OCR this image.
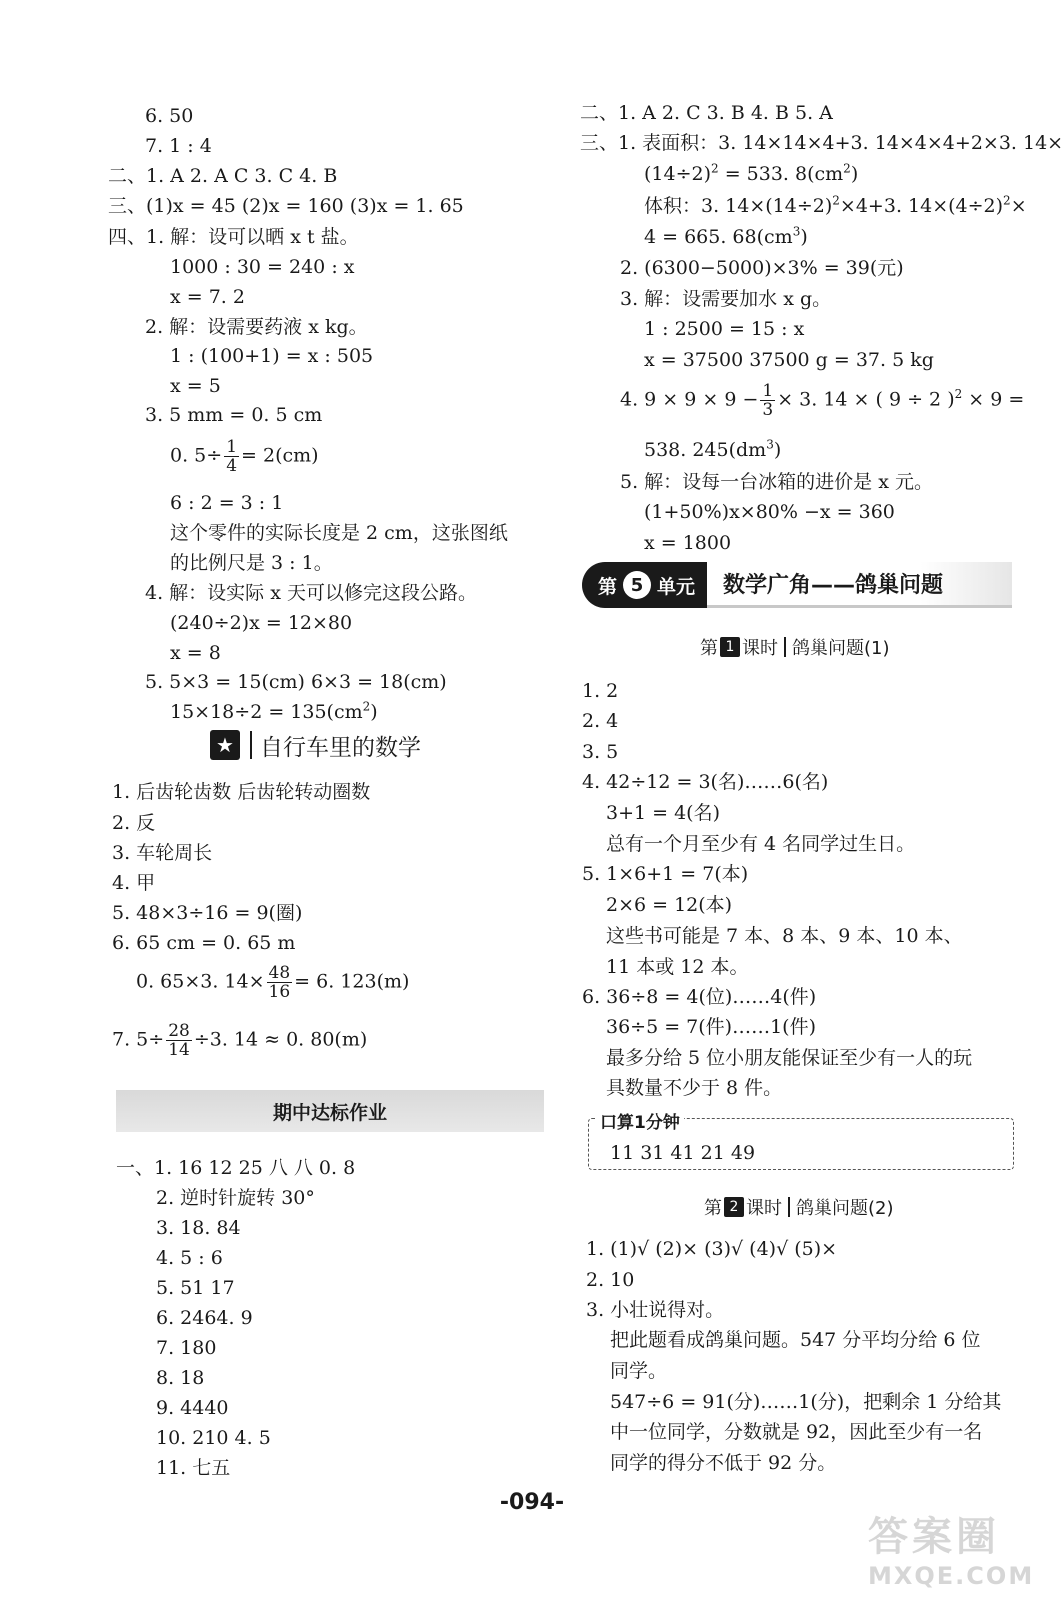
6. 50
7. 1 : 4
二、1. A 2. A C 3. C 4. B
三、(1)x = 45 (2)x = 160 (3)x = 1. 65
四、1. 解：设可以晒 x t 盐。
1000 : 30 = 240 : x
x = 7. 2
2. 解：设需要药液 x kg。
1 : (100+1) = x : 505
x = 5
3. 5 mm = 0. 5 cm
0. $5\div \frac{1}{4} = 2(cm)$
6 : 2 = 3 : 1
这个零件的实际长度是 2 cm，这张图纸
的比例尺是 3 : 1。
4. 解：设实际 x 天可以修完这段公路。
(240÷2)x = 12×80
x = 8
5. 5×3 = 15(cm) 6×3 = 18(cm)
$15\times 18\div 2 = 135(cm^2)$
★ 自行车里的数学
1. 后齿轮齿数 后齿轮转动圈数
2. 反
3. 车轮周长
4. 甲
5. 48×3÷16 = 9(圈)
6. 65 cm = 0. 65 m
0. 65×3. $14\times \frac{48}{16} = 6$. 123(m)
7. $5\div \frac{28}{14} \div 3$. 14 ≈ 0. 80(m)
期中达标作业
一、1. 16 12 25 八 八 0. 8
2. 逆时针旋转 30°
3. 18. 84
4. 5 : 6
5. 51 17
6. 2464. 9
7. 180
8. 18
9. 4440
10. 210 4. 5
11. 七五
二、1. A 2. C 3. B 4. B 5. A
三、1. 表面积：3. 14×14×4+3. 14×4×4+2×3. 14×
$(14\div 2)^2 = 533$. $8(cm^2)$
体积：3. $14\times(14\div 2)^2\times 4+3$. $14\times(4\div 2)^2\times$
4 = 665. $68(cm^3)$
2. (6300−5000)×3% = 39(元)
3. 解：设需要加水 x g。
1 : 2500 = 15 : x
x = 37500 37500 g = 37. 5 kg
4. $9 \times 9 \times 9 - \frac{1}{3} \times 3$. 14 × ( 9 ÷ 2 )$^2$ × 9 =
538. $245(dm^3)$
5. 解：设每一台冰箱的进价是 x 元。
(1+50%)x×80% −x = 360
x = 1800
第 5 单元	数学广角——鸽巢问题
第 1 课时 鸽巢问题(1)
1. 2
2. 4
3. 5
4. 42÷12 = 3(名)……6(名)
3+1 = 4(名)
总有一个月至少有 4 名同学过生日。
5. 1×6+1 = 7(本)
2×6 = 12(本)
这些书可能是 7 本、8 本、9 本、10 本、
11 本或 12 本。
6. 36÷8 = 4(位)……4(件)
36÷5 = 7(件)……1(件)
最多分给 5 位小朋友能保证至少有一人的玩
具数量不少于 8 件。
口算1分钟
11 31 41 21 49
第 2 课时 鸽巢问题(2)
1. (1)√ (2)× (3)√ (4)√ (5)×
2. 10
3. 小壮说得对。
把此题看成鸽巢问题。547 分平均分给 6 位
同学。
547÷6 = 91(分)……1(分)，把剩余 1 分给其
中一位同学，分数就是 92，因此至少有一名
同学的得分不低于 92 分。
-094-
答案圈
MXQE.COM
